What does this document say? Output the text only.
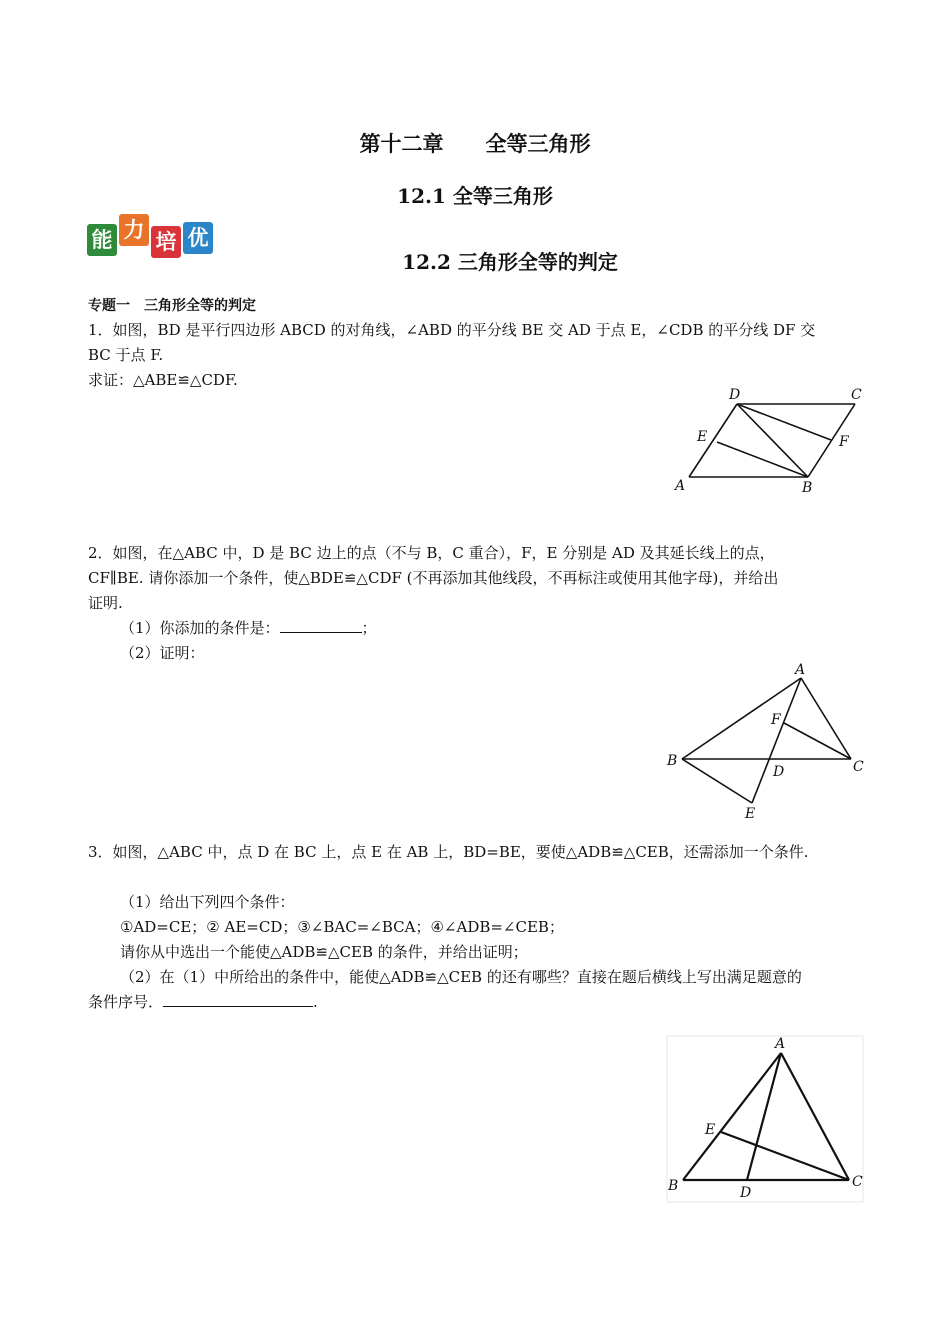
第十二章　　全等三角形
12.1 全等三角形
能 力 培 优
12.2 三角形全等的判定
专题一　三角形全等的判定
1．如图，BD 是平行四边形 ABCD 的对角线，∠ABD 的平分线 BE 交 AD 于点 E，∠CDB 的平分线 DF 交
BC 于点 F.
求证：△ABE≌△CDF.
A	B
C
D
E	F
2．如图，在△ABC 中，D 是 BC 边上的点（不与 B，C 重合），F，E 分别是 AD 及其延长线上的点，
CF∥BE. 请你添加一个条件，使△BDE≌△CDF (不再添加其他线段，不再标注或使用其他字母)，并给出
证明.
（1）你添加的条件是：	；
（2）证明：
A
B	C
D
E
F
3．如图，△ABC 中，点 D 在 BC 上，点 E 在 AB 上，BD=BE，要使△ADB≌△CEB，还需添加一个条件.
（1）给出下列四个条件：
①AD=CE；② AE=CD；③∠BAC=∠BCA；④∠ADB=∠CEB；
请你从中选出一个能使△ADB≌△CEB 的条件，并给出证明；
（2）在（1）中所给出的条件中，能使△ADB≌△CEB 的还有哪些？直接在题后横线上写出满足题意的
条件序号．	.
A
B	C
D
E
